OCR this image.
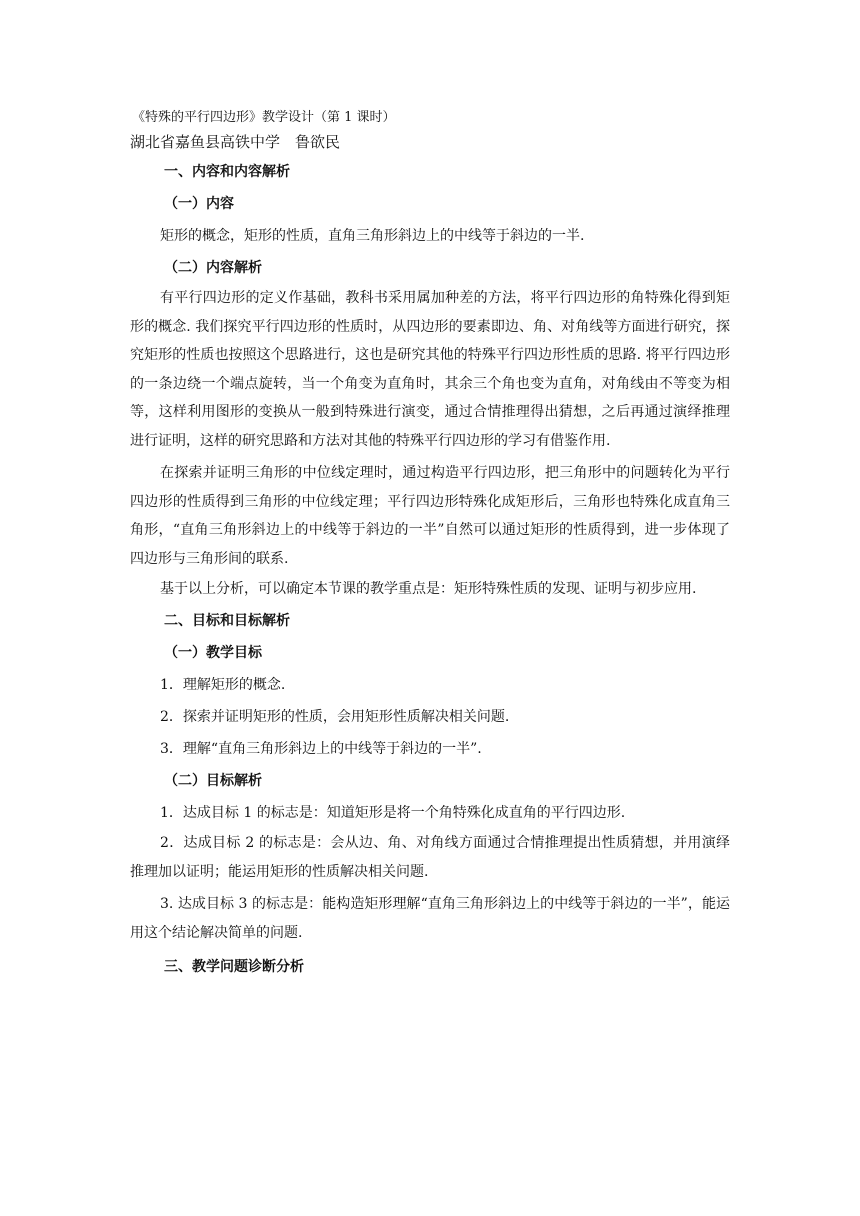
《特殊的平行四边形》教学设计（第 1 课时）
湖北省嘉鱼县高铁中学　鲁欲民
一、内容和内容解析
（一）内容
矩形的概念，矩形的性质，直角三角形斜边上的中线等于斜边的一半.
（二）内容解析
有平行四边形的定义作基础，教科书采用属加种差的方法，将平行四边形的角特殊化得到矩形的概念. 我们探究平行四边形的性质时，从四边形的要素即边、角、对角线等方面进行研究，探究矩形的性质也按照这个思路进行，这也是研究其他的特殊平行四边形性质的思路. 将平行四边形的一条边绕一个端点旋转，当一个角变为直角时，其余三个角也变为直角，对角线由不等变为相等，这样利用图形的变换从一般到特殊进行演变，通过合情推理得出猜想，之后再通过演绎推理进行证明，这样的研究思路和方法对其他的特殊平行四边形的学习有借鉴作用.
在探索并证明三角形的中位线定理时，通过构造平行四边形，把三角形中的问题转化为平行四边形的性质得到三角形的中位线定理；平行四边形特殊化成矩形后，三角形也特殊化成直角三角形，“直角三角形斜边上的中线等于斜边的一半”自然可以通过矩形的性质得到，进一步体现了四边形与三角形间的联系.
基于以上分析，可以确定本节课的教学重点是：矩形特殊性质的发现、证明与初步应用.
二、目标和目标解析
（一）教学目标
1．理解矩形的概念.
2．探索并证明矩形的性质，会用矩形性质解决相关问题.
3．理解“直角三角形斜边上的中线等于斜边的一半”.
（二）目标解析
1．达成目标 1 的标志是：知道矩形是将一个角特殊化成直角的平行四边形.
2．达成目标 2 的标志是：会从边、角、对角线方面通过合情推理提出性质猜想，并用演绎推理加以证明；能运用矩形的性质解决相关问题.
3. 达成目标 3 的标志是：能构造矩形理解“直角三角形斜边上的中线等于斜边的一半”，能运用这个结论解决简单的问题.
三、教学问题诊断分析
